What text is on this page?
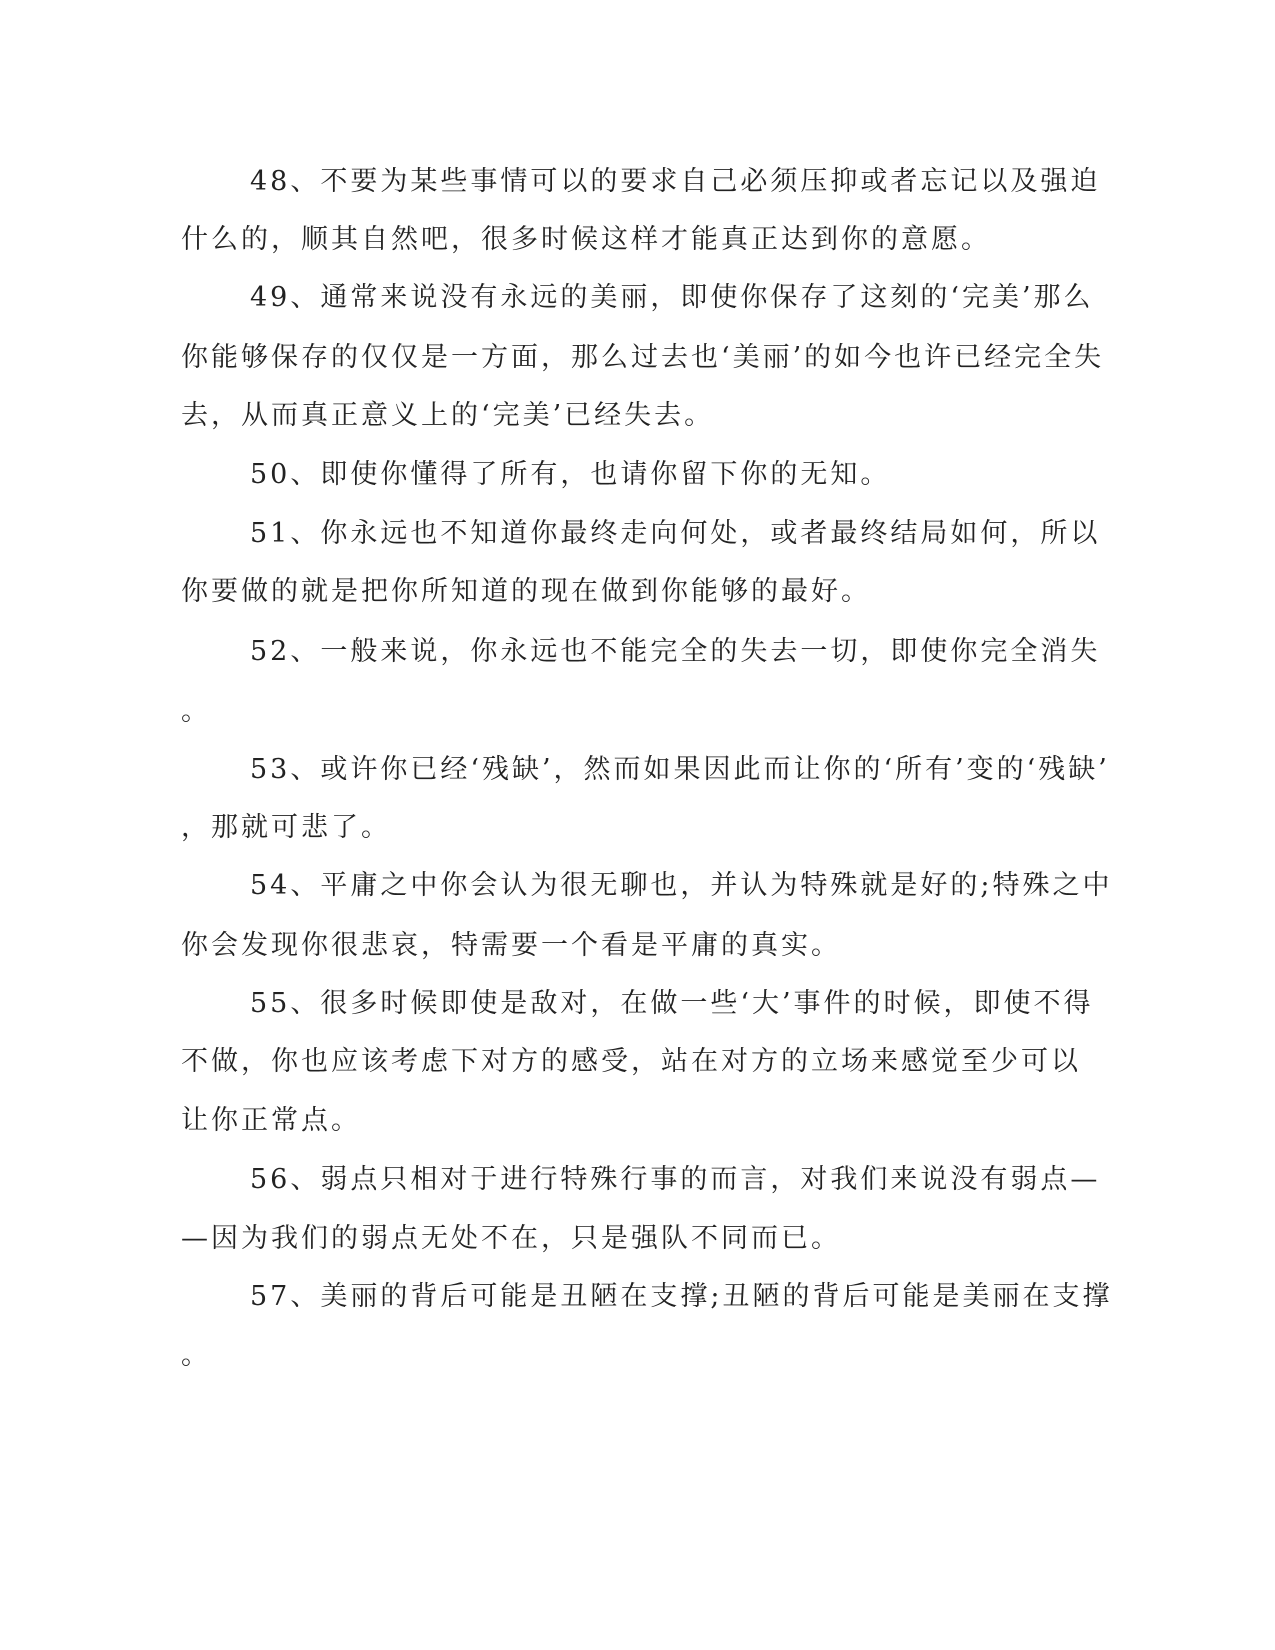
48、不要为某些事情可以的要求自己必须压抑或者忘记以及强迫
什么的，顺其自然吧，很多时候这样才能真正达到你的意愿。
49、通常来说没有永远的美丽，即使你保存了这刻的‘完美’那么
你能够保存的仅仅是一方面，那么过去也‘美丽’的如今也许已经完全失
去，从而真正意义上的‘完美’已经失去。
50、即使你懂得了所有，也请你留下你的无知。
51、你永远也不知道你最终走向何处，或者最终结局如何，所以
你要做的就是把你所知道的现在做到你能够的最好。
52、一般来说，你永远也不能完全的失去一切，即使你完全消失
。
53、或许你已经‘残缺’，然而如果因此而让你的‘所有’变的‘残缺’
，那就可悲了。
54、平庸之中你会认为很无聊也，并认为特殊就是好的;特殊之中
你会发现你很悲哀，特需要一个看是平庸的真实。
55、很多时候即使是敌对，在做一些‘大’事件的时候，即使不得
不做，你也应该考虑下对方的感受，站在对方的立场来感觉至少可以
让你正常点。
56、弱点只相对于进行特殊行事的而言，对我们来说没有弱点—
—因为我们的弱点无处不在，只是强队不同而已。
57、美丽的背后可能是丑陋在支撑;丑陋的背后可能是美丽在支撑
。
